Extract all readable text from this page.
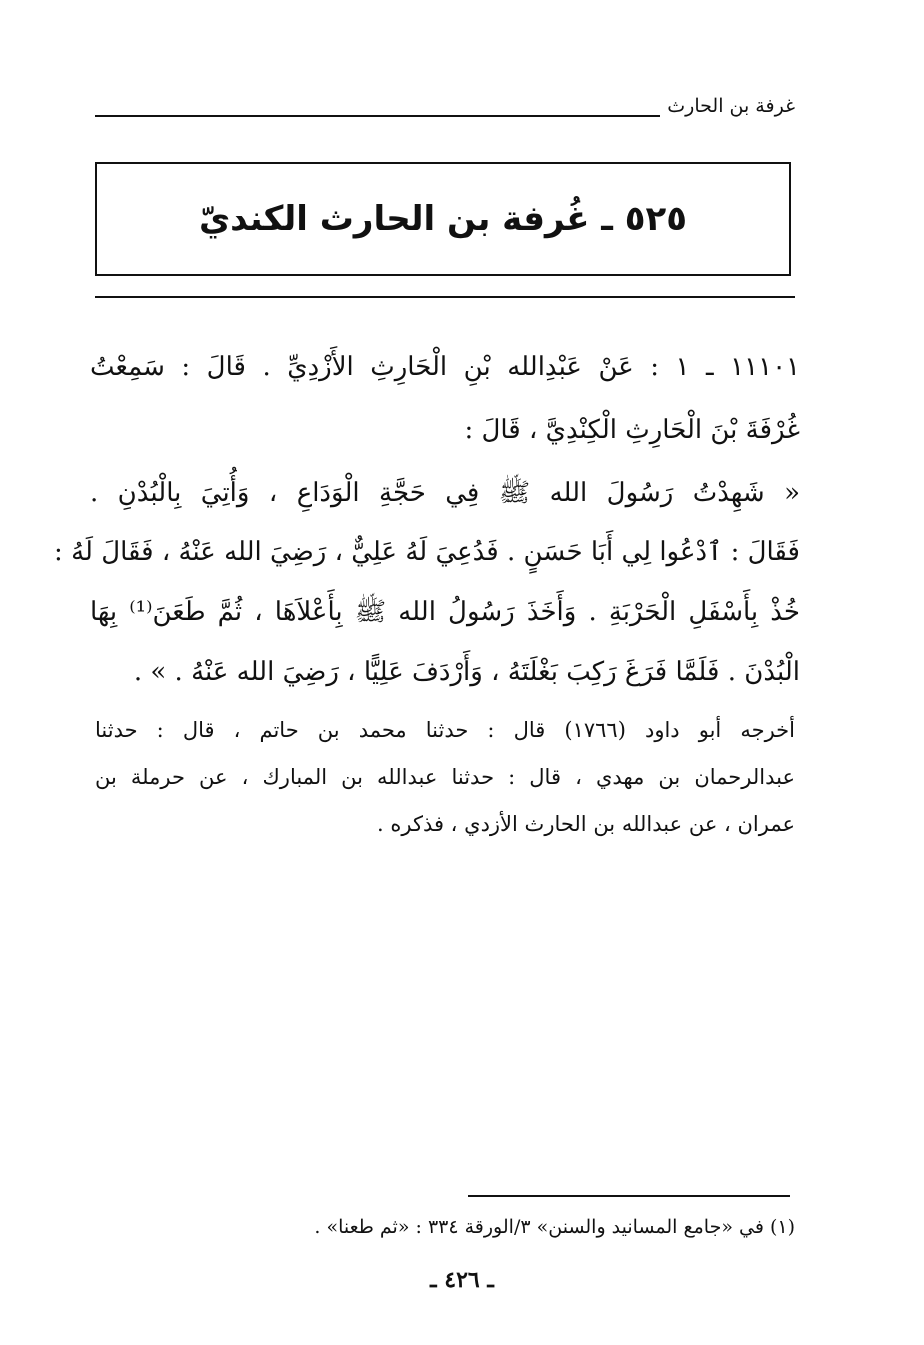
غرفة بن الحارث
٥٢٥ ـ غُرفة بن الحارث الكنديّ
١١١٠١ ـ ١ : عَنْ عَبْدِالله بْنِ الْحَارِثِ الأَزْدِيِّ . قَالَ : سَمِعْتُ
غُرْفَةَ بْنَ الْحَارِثِ الْكِنْدِيَّ ، قَالَ :
« شَهِدْتُ رَسُولَ الله ﷺ فِي حَجَّةِ الْوَدَاعِ ، وَأُتِيَ بِالْبُدْنِ .
فَقَالَ : ٱدْعُوا لِي أَبَا حَسَنٍ . فَدُعِيَ لَهُ عَلِيٌّ ، رَضِيَ الله عَنْهُ ، فَقَالَ لَهُ :
خُذْ بِأَسْفَلِ الْحَرْبَةِ . وَأَخَذَ رَسُولُ الله ﷺ بِأَعْلاَهَا ، ثُمَّ طَعَنَ⁽¹⁾ بِهَا
الْبُدْنَ . فَلَمَّا فَرَغَ رَكِبَ بَغْلَتَهُ ، وَأَرْدَفَ عَلِيًّا ، رَضِيَ الله عَنْهُ . » .
أخرجه أبو داود (١٧٦٦) قال : حدثنا محمد بن حاتم ، قال : حدثنا
عبدالرحمان بن مهدي ، قال : حدثنا عبدالله بن المبارك ، عن حرملة بن
عمران ، عن عبدالله بن الحارث الأزدي ، فذكره .
(١) في «جامع المسانيد والسنن» ٣/الورقة ٣٣٤ : «ثم طعنا» .
ـ ٤٢٦ ـ
